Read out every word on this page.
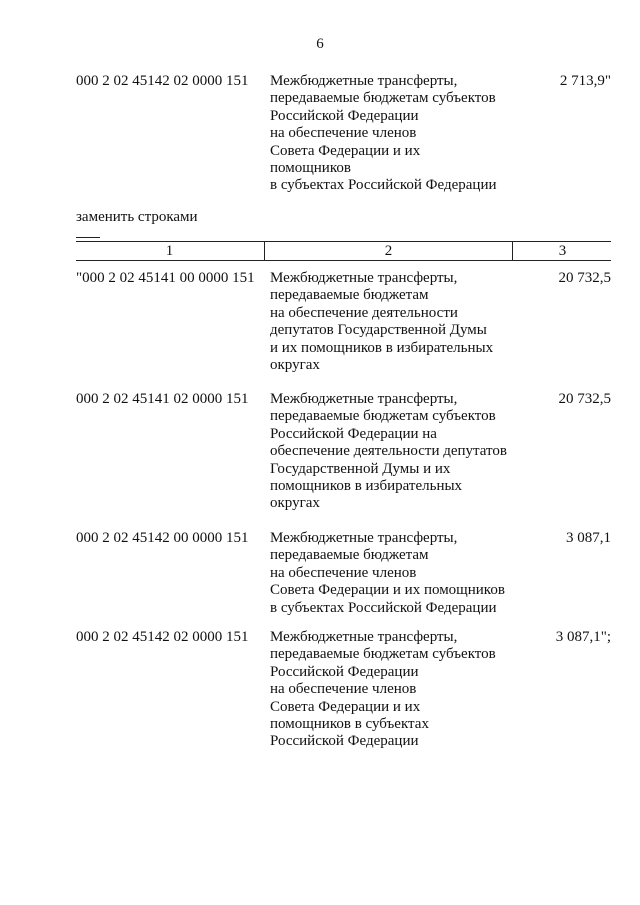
6
000 2 02 45142 02 0000 151 Межбюджетные трансферты,
передаваемые бюджетам субъектов
Российской Федерации
на обеспечение членов
Совета Федерации и их
помощников
в субъектах Российской Федерации
2 713,9"
заменить строками
1	2	3
"000 2 02 45141 00 0000 151 Межбюджетные трансферты,
передаваемые бюджетам
на обеспечение деятельности
депутатов Государственной Думы
и их помощников в избирательных
округах
20 732,5
000 2 02 45141 02 0000 151 Межбюджетные трансферты,
передаваемые бюджетам субъектов
Российской Федерации на
обеспечение деятельности депутатов
Государственной Думы и их
помощников в избирательных
округах
20 732,5
000 2 02 45142 00 0000 151 Межбюджетные трансферты,
передаваемые бюджетам
на обеспечение членов
Совета Федерации и их помощников
в субъектах Российской Федерации
3 087,1
000 2 02 45142 02 0000 151 Межбюджетные трансферты,
передаваемые бюджетам субъектов
Российской Федерации
на обеспечение членов
Совета Федерации и их
помощников в субъектах
Российской Федерации
3 087,1";
